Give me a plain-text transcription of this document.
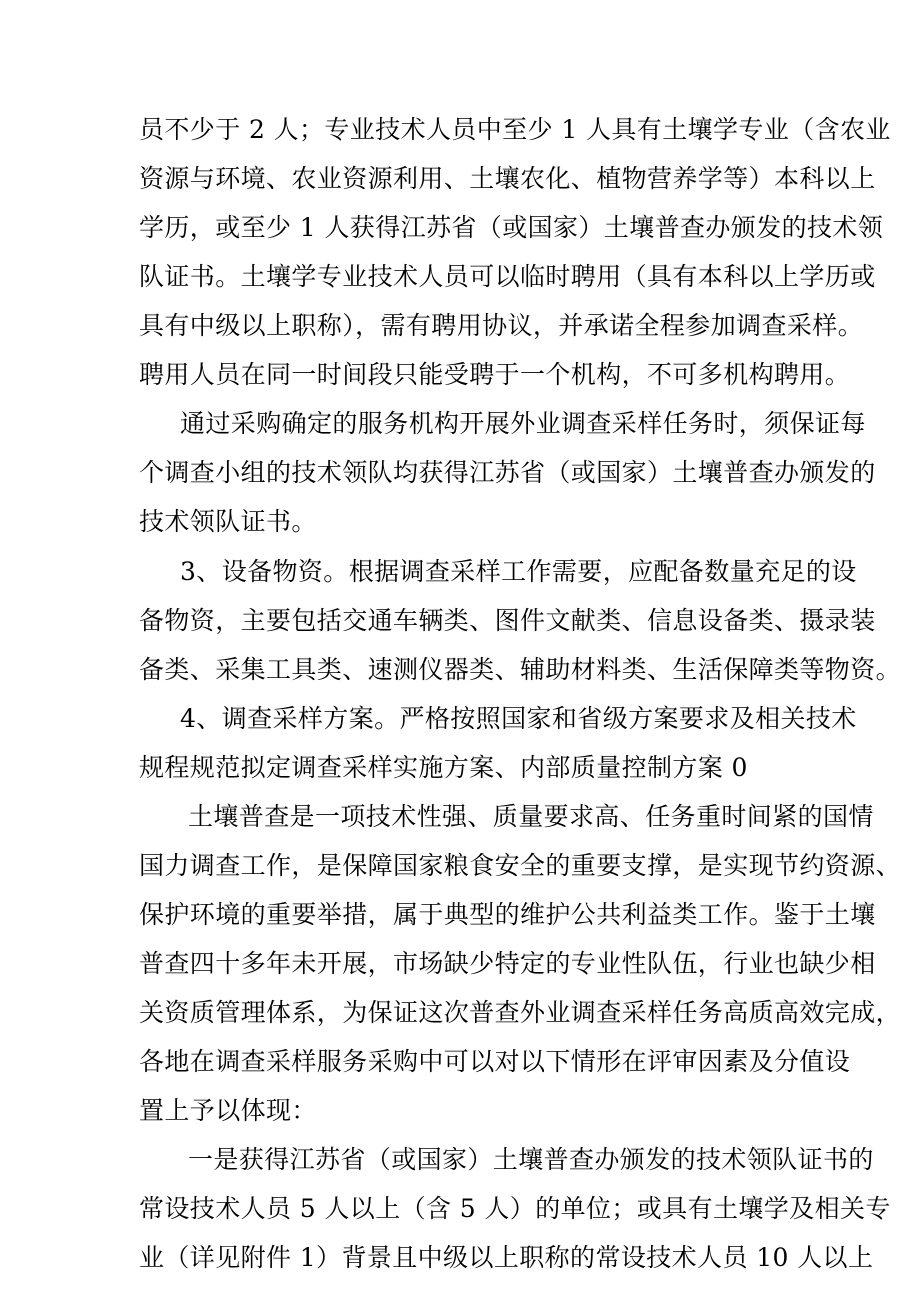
员不少于 2 人；专业技术人员中至少 1 人具有土壤学专业（含农业
资源与环境、农业资源利用、土壤农化、植物营养学等）本科以上
学历，或至少 1 人获得江苏省（或国家）土壤普查办颁发的技术领
队证书。土壤学专业技术人员可以临时聘用（具有本科以上学历或
具有中级以上职称），需有聘用协议，并承诺全程参加调查采样。
聘用人员在同一时间段只能受聘于一个机构，不可多机构聘用。
通过采购确定的服务机构开展外业调查采样任务时，须保证每
个调查小组的技术领队均获得江苏省（或国家）土壤普查办颁发的
技术领队证书。
3、设备物资。根据调查采样工作需要，应配备数量充足的设
备物资，主要包括交通车辆类、图件文献类、信息设备类、摄录装
备类、采集工具类、速测仪器类、辅助材料类、生活保障类等物资。
4、调查采样方案。严格按照国家和省级方案要求及相关技术
规程规范拟定调查采样实施方案、内部质量控制方案 0
土壤普查是一项技术性强、质量要求高、任务重时间紧的国情
国力调查工作，是保障国家粮食安全的重要支撑，是实现节约资源、
保护环境的重要举措，属于典型的维护公共利益类工作。鉴于土壤
普查四十多年未开展，市场缺少特定的专业性队伍，行业也缺少相
关资质管理体系，为保证这次普查外业调查采样任务高质高效完成，
各地在调查采样服务采购中可以对以下情形在评审因素及分值设
置上予以体现：
一是获得江苏省（或国家）土壤普查办颁发的技术领队证书的
常设技术人员 5 人以上（含 5 人）的单位；或具有土壤学及相关专
业（详见附件 1）背景且中级以上职称的常设技术人员 10 人以上
